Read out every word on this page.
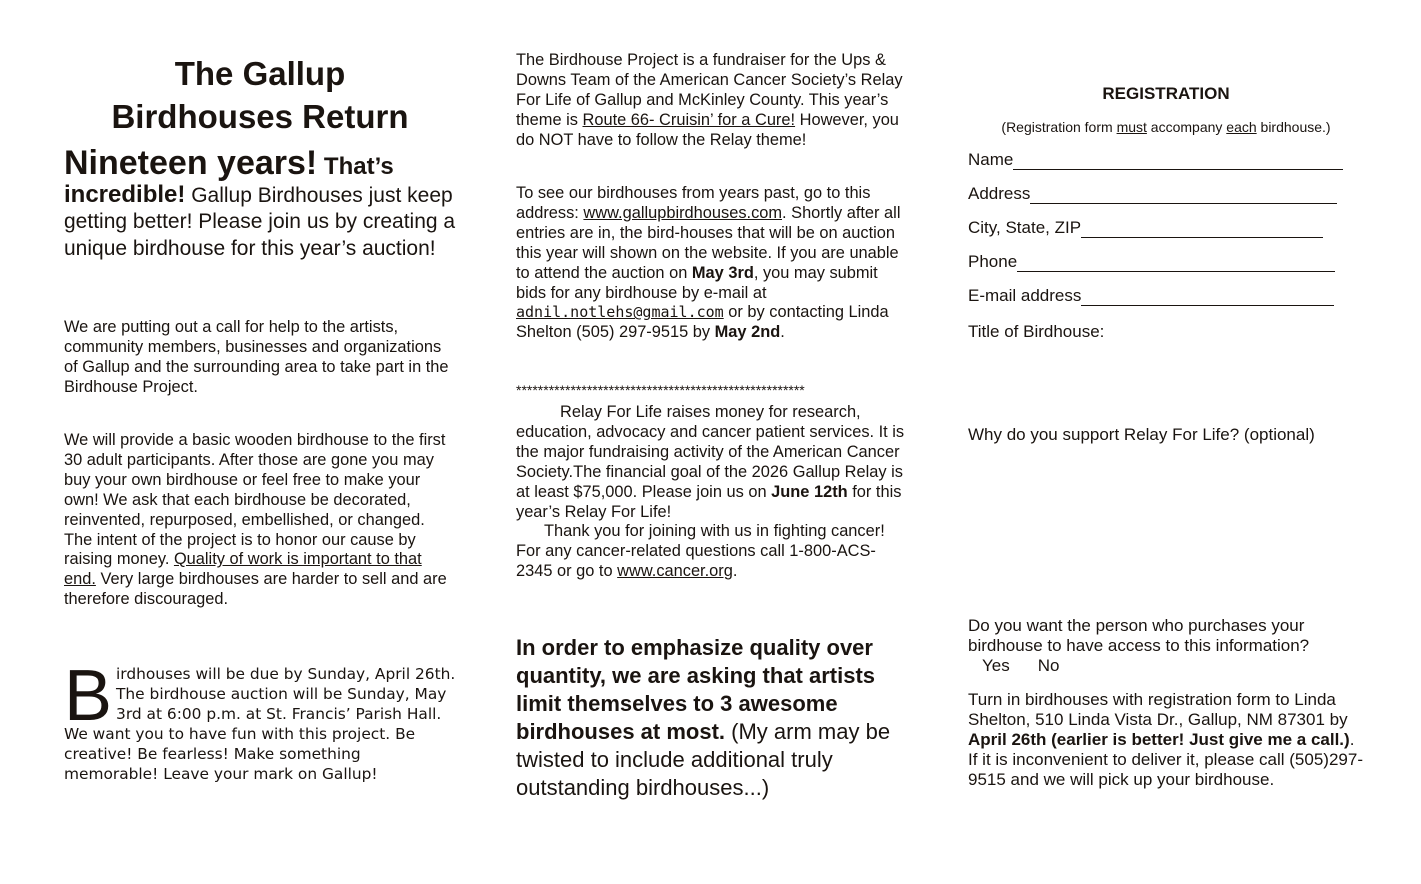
The Gallup
Birdhouses Return

Nineteen years! That’s
incredible! Gallup Birdhouses just keep getting better! Please join us by creating a unique birdhouse for this year’s auction!

We are putting out a call for help to the artists, community members, businesses and organizations of Gallup and the surrounding area to take part in the Birdhouse Project.

We will provide a basic wooden birdhouse to the first 30 adult participants. After those are gone you may buy your own birdhouse or feel free to make your own! We ask that each birdhouse be decorated, reinvented, repurposed, embellished, or changed. The intent of the project is to honor our cause by raising money. Quality of work is important to that end. Very large birdhouses are harder to sell and are therefore discouraged.

Birdhouses will be due by Sunday, April 26th. The birdhouse auction will be Sunday, May 3rd at 6:00 p.m. at St. Francis’ Parish Hall. We want you to have fun with this project. Be creative! Be fearless! Make something memorable! Leave your mark on Gallup!

The Birdhouse Project is a fundraiser for the Ups & Downs Team of the American Cancer Society’s Relay For Life of Gallup and McKinley County. This year’s theme is Route 66- Cruisin’ for a Cure! However, you do NOT have to follow the Relay theme!

To see our birdhouses from years past, go to this address: www.gallupbirdhouses.com. Shortly after all entries are in, the bird-houses that will be on auction this year will shown on the website. If you are unable to attend the auction on May 3rd, you may submit bids for any birdhouse by e-mail at adnil.notlehs@gmail.com or by contacting Linda Shelton (505) 297-9515 by May 2nd.

*****************************************************

Relay For Life raises money for research, education, advocacy and cancer patient services. It is the major fundraising activity of the American Cancer Society.The financial goal of the 2026 Gallup Relay is at least $75,000. Please join us on June 12th for this year’s Relay For Life!
Thank you for joining with us in fighting cancer! For any cancer-related questions call 1-800-ACS-2345 or go to www.cancer.org.

In order to emphasize quality over quantity, we are asking that artists limit themselves to 3 awesome birdhouses at most. (My arm may be twisted to include additional truly outstanding birdhouses...)

REGISTRATION
(Registration form must accompany each birdhouse.)
Name
Address
City, State, ZIP
Phone
E-mail address
Title of Birdhouse:
Why do you support Relay For Life? (optional)
Do you want the person who purchases your birdhouse to have access to this information?Yes No
Turn in birdhouses with registration form to Linda Shelton, 510 Linda Vista Dr., Gallup, NM 87301 by April 26th (earlier is better! Just give me a call.). If it is inconvenient to deliver it, please call (505)297-9515 and we will pick up your birdhouse.
